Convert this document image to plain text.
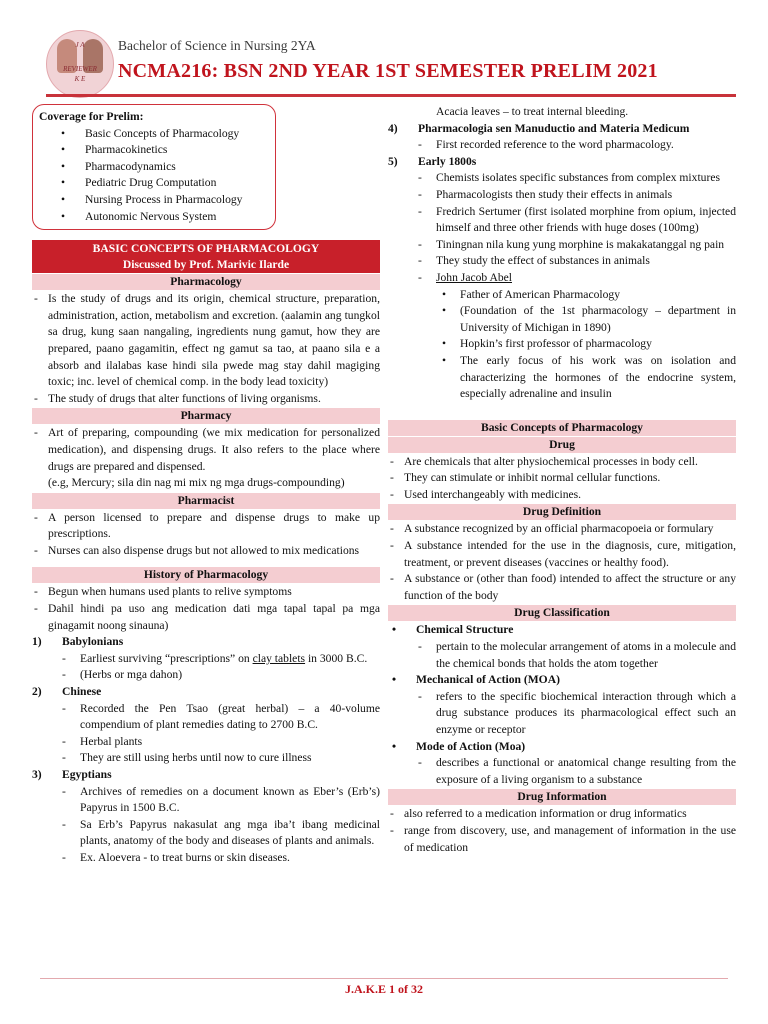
J A
REVIEWER
K E
Bachelor of Science in Nursing 2YA
NCMA216: BSN 2ND YEAR 1ST SEMESTER PRELIM 2021
Coverage for Prelim:
• Basic Concepts of Pharmacology
• Pharmacokinetics
• Pharmacodynamics
• Pediatric Drug Computation
• Nursing Process in Pharmacology
• Autonomic Nervous System
BASIC CONCEPTS OF PHARMACOLOGY
Discussed by Prof. Marivic Ilarde
Pharmacology
- Is the study of drugs and its origin, chemical structure, preparation, administration, action, metabolism and excretion. (aalamin ang tungkol sa drug, kung saan nangaling, ingredients nung gamut, how they are prepared, paano gagamitin, effect ng gamut sa tao, at paano sila e a absorb and ilalabas kase hindi sila pwede mag stay dahil magiging toxic; inc. level of chemical comp. in the body lead toxicity)
- The study of drugs that alter functions of living organisms.
Pharmacy
- Art of preparing, compounding (we mix medication for personalized medication), and dispensing drugs. It also refers to the place where drugs are prepared and dispensed.
(e.g, Mercury; sila din nag mi mix ng mga drugs-compounding)
Pharmacist
- A person licensed to prepare and dispense drugs to make up prescriptions.
- Nurses can also dispense drugs but not allowed to mix medications
History of Pharmacology
- Begun when humans used plants to relive symptoms
- Dahil hindi pa uso ang medication dati mga tapal tapal pa mga ginagamit noong sinauna)
1) Babylonians
- Earliest surviving “prescriptions” on clay tablets in 3000 B.C.
- (Herbs or mga dahon)
2) Chinese
- Recorded the Pen Tsao (great herbal) – a 40-volume compendium of plant remedies dating to 2700 B.C.
- Herbal plants
- They are still using herbs until now to cure illness
3) Egyptians
- Archives of remedies on a document known as Eber’s (Erb’s) Papyrus in 1500 B.C.
- Sa Erb’s Papyrus nakasulat ang mga iba’t ibang medicinal plants, anatomy of the body and diseases of plants and animals.
- Ex. Aloevera - to treat burns or skin diseases.
Acacia leaves – to treat internal bleeding.
4) Pharmacologia sen Manuductio and Materia Medicum
- First recorded reference to the word pharmacology.
5) Early 1800s
- Chemists isolates specific substances from complex mixtures
- Pharmacologists then study their effects in animals
- Fredrich Sertumer (first isolated morphine from opium, injected himself and three other friends with huge doses (100mg)
- Tiningnan nila kung yung morphine is makakatanggal ng pain
- They study the effect of substances in animals
- John Jacob Abel
• Father of American Pharmacology
• (Foundation of the 1st pharmacology – department in University of Michigan in 1890)
• Hopkin’s first professor of pharmacology
• The early focus of his work was on isolation and characterizing the hormones of the endocrine system, especially adrenaline and insulin
Basic Concepts of Pharmacology
Drug
- Are chemicals that alter physiochemical processes in body cell.
- They can stimulate or inhibit normal cellular functions.
- Used interchangeably with medicines.
Drug Definition
- A substance recognized by an official pharmacopoeia or formulary
- A substance intended for the use in the diagnosis, cure, mitigation, treatment, or prevent diseases (vaccines or healthy food).
- A substance or (other than food) intended to affect the structure or any function of the body
Drug Classification
• Chemical Structure
- pertain to the molecular arrangement of atoms in a molecule and the chemical bonds that holds the atom together
• Mechanical of Action (MOA)
- refers to the specific biochemical interaction through which a drug substance produces its pharmacological effect such an enzyme or receptor
• Mode of Action (Moa)
- describes a functional or anatomical change resulting from the exposure of a living organism to a substance
Drug Information
- also referred to a medication information or drug informatics
- range from discovery, use, and management of information in the use of medication
J.A.K.E 1 of 32
